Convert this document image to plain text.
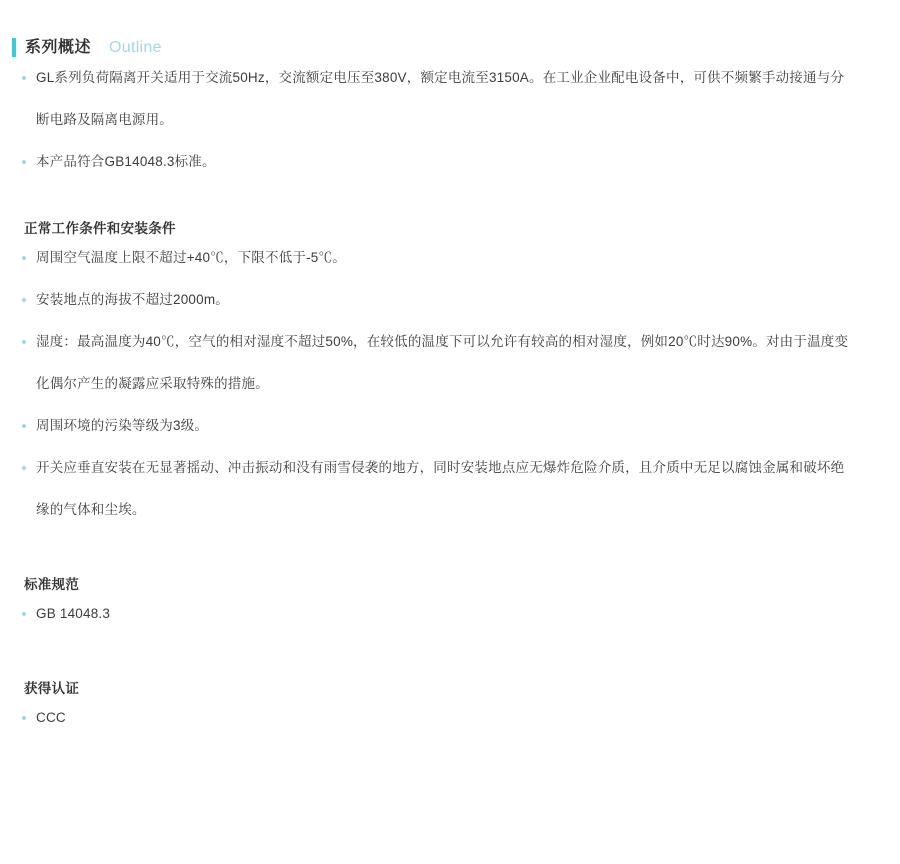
系列概述 Outline
GL系列负荷隔离开关适用于交流50Hz，交流额定电压至380V，额定电流至3150A。在工业企业配电设备中，可供不频繁手动接通与分断电路及隔离电源用。
本产品符合GB14048.3标准。
正常工作条件和安装条件
周围空气温度上限不超过+40℃，下限不低于-5℃。
安装地点的海拔不超过2000m。
湿度：最高温度为40℃，空气的相对湿度不超过50%，在较低的温度下可以允许有较高的相对湿度，例如20℃时达90%。对由于温度变化偶尔产生的凝露应采取特殊的措施。
周围环境的污染等级为3级。
开关应垂直安装在无显著摇动、冲击振动和没有雨雪侵袭的地方，同时安装地点应无爆炸危险介质，且介质中无足以腐蚀金属和破坏绝缘的气体和尘埃。
标准规范
GB 14048.3
获得认证
CCC
